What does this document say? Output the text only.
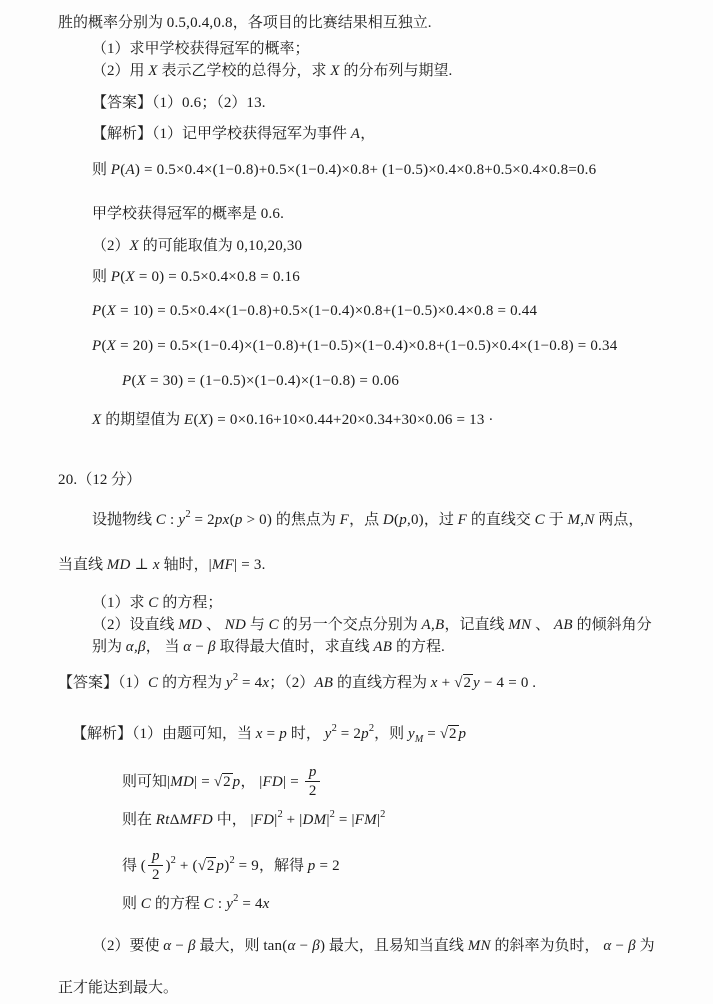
胜的概率分别为 0.5,0.4,0.8，各项目的比赛结果相互独立.
（1）求甲学校获得冠军的概率；
（2）用 X 表示乙学校的总得分，求 X 的分布列与期望.
【答案】（1）0.6；（2）13.
【解析】（1）记甲学校获得冠军为事件 A，
则 P(A) = 0.5×0.4×(1−0.8)+0.5×(1−0.4)×0.8+ (1−0.5)×0.4×0.8+0.5×0.4×0.8=0.6
甲学校获得冠军的概率是 0.6.
（2）X 的可能取值为 0,10,20,30
则 P(X = 0) = 0.5×0.4×0.8 = 0.16
P(X = 10) = 0.5×0.4×(1−0.8)+0.5×(1−0.4)×0.8+(1−0.5)×0.4×0.8 = 0.44
P(X = 20) = 0.5×(1−0.4)×(1−0.8)+(1−0.5)×(1−0.4)×0.8+(1−0.5)×0.4×(1−0.8) = 0.34
P(X = 30) = (1−0.5)×(1−0.4)×(1−0.8) = 0.06
X 的期望值为 E(X) = 0×0.16+10×0.44+20×0.34+30×0.06 = 13 ·
20.（12 分）
设抛物线 C : $y^2 = 2px(p > 0)$ 的焦点为 F，点 D(p,0)，过 F 的直线交 C 于 M,N 两点，
当直线 MD ⊥ x 轴时，|MF| = 3.
（1）求 C 的方程；
（2）设直线 MD 、 ND 与 C 的另一个交点分别为 A,B，记直线 MN 、 AB 的倾斜角分
别为 α,β， 当 α − β 取得最大值时，求直线 AB 的方程.
【答案】（1）C 的方程为 $y^2 = 4x$；（2）AB 的直线方程为 x + √2 y − 4 = 0 .
【解析】（1）由题可知，当 x = p 时， $y^2 = 2p^2$，则 $y_M = √2$ p
则可知|MD| = √2 p， $|FD| = \frac{p}{2}$
则在 RtΔMFD 中， $|FD|^2 + |DM|^2 = |FM|^2$
得 ( $\frac{p}{2} )^2 + (√2$ p)$^2$ = 9，解得 p = 2
则 C 的方程 C : $y^2 = 4x$
（2）要使 α − β 最大，则 tan(α − β) 最大，且易知当直线 MN 的斜率为负时， α − β 为
正才能达到最大。
